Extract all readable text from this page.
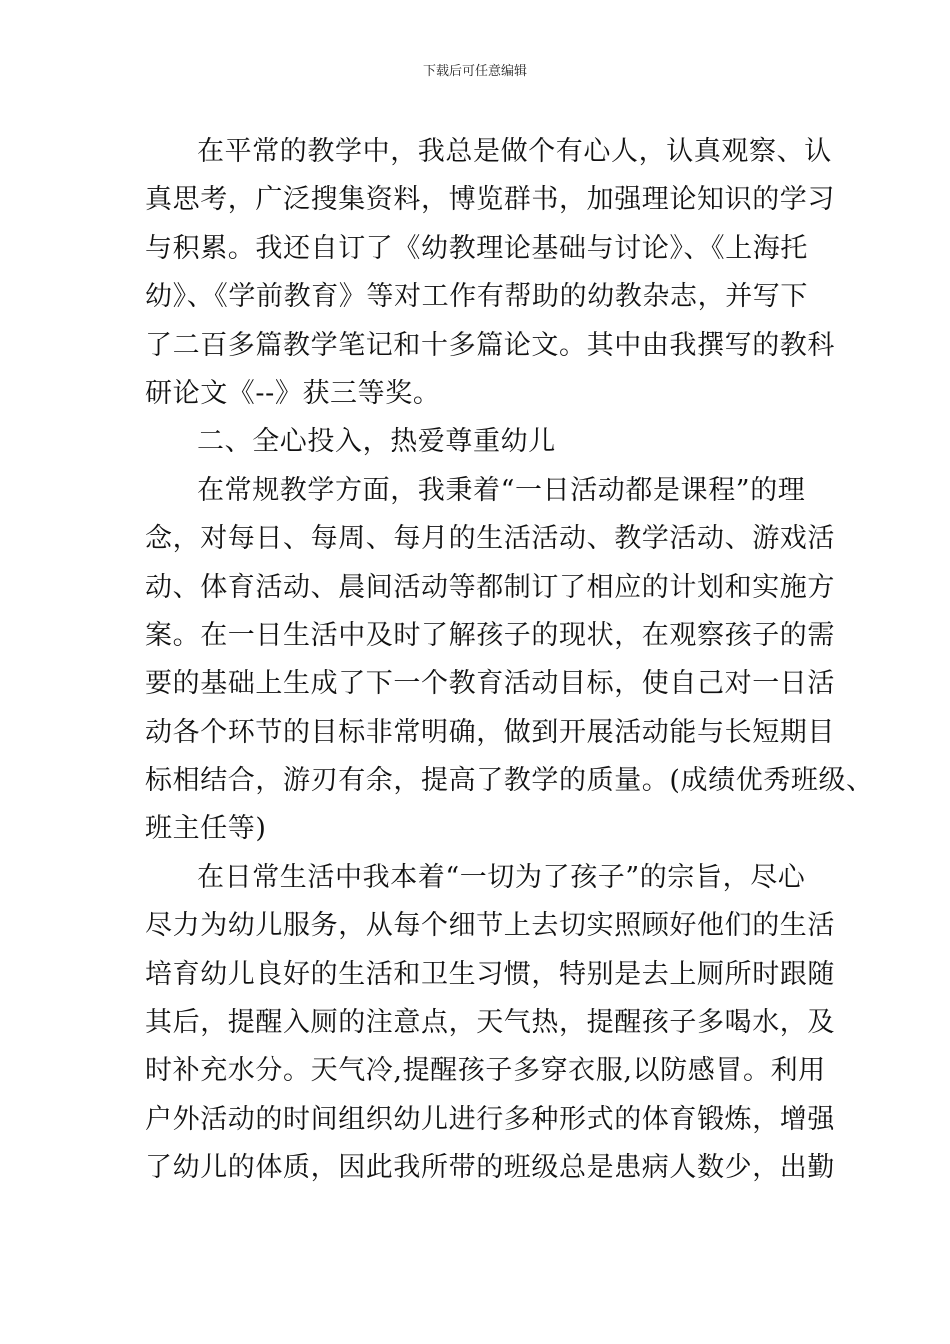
下载后可任意编辑
在平常的教学中，我总是做个有心人，认真观察、认
真思考，广泛搜集资料，博览群书，加强理论知识的学习
与积累。我还自订了《幼教理论基础与讨论》、《上海托
幼》、《学前教育》等对工作有帮助的幼教杂志，并写下
了二百多篇教学笔记和十多篇论文。其中由我撰写的教科
研论文《--》获三等奖。
二、全心投入，热爱尊重幼儿
在常规教学方面，我秉着“一日活动都是课程”的理
念，对每日、每周、每月的生活活动、教学活动、游戏活
动、体育活动、晨间活动等都制订了相应的计划和实施方
案。在一日生活中及时了解孩子的现状，在观察孩子的需
要的基础上生成了下一个教育活动目标，使自己对一日活
动各个环节的目标非常明确，做到开展活动能与长短期目
标相结合，游刃有余，提高了教学的质量。(成绩优秀班级、
班主任等)
在日常生活中我本着“一切为了孩子”的宗旨，尽心
尽力为幼儿服务，从每个细节上去切实照顾好他们的生活
培育幼儿良好的生活和卫生习惯，特别是去上厕所时跟随
其后，提醒入厕的注意点，天气热，提醒孩子多喝水，及
时补充水分。天气冷,提醒孩子多穿衣服,以防感冒。利用
户外活动的时间组织幼儿进行多种形式的体育锻炼，增强
了幼儿的体质，因此我所带的班级总是患病人数少，出勤
